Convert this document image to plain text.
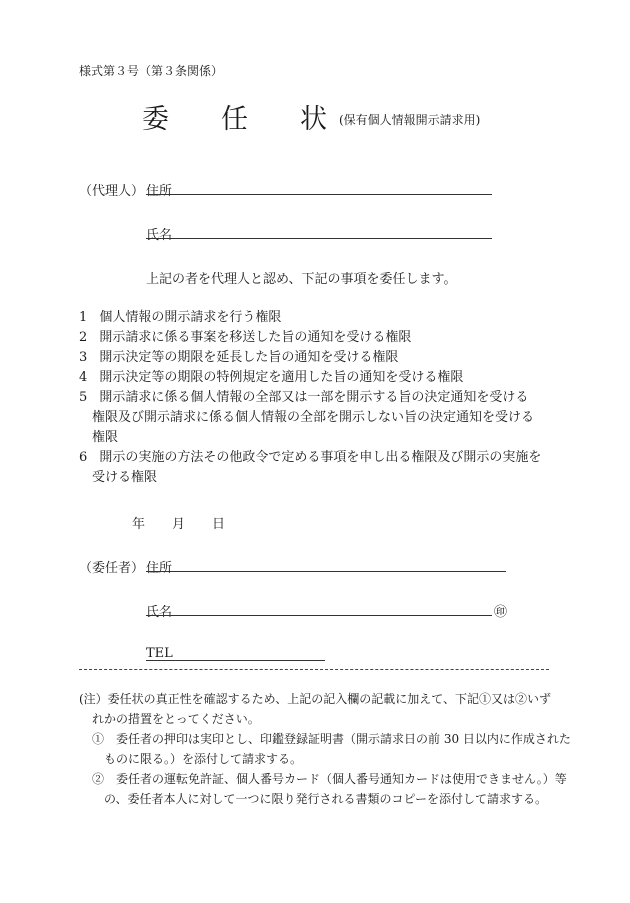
様式第３号（第３条関係）
委 任 状 (保有個人情報開示請求用)
（代理人） 住所
氏名
上記の者を代理人と認め、下記の事項を委任します。
1 個人情報の開示請求を行う権限
2 開示請求に係る事案を移送した旨の通知を受ける権限
3 開示決定等の期限を延長した旨の通知を受ける権限
4 開示決定等の期限の特例規定を適用した旨の通知を受ける権限
5 開示請求に係る個人情報の全部又は一部を開示する旨の決定通知を受ける
権限及び開示請求に係る個人情報の全部を開示しない旨の決定通知を受ける
権限
6 開示の実施の方法その他政令で定める事項を申し出る権限及び開示の実施を
受ける権限
年 月 日
（委任者） 住所
氏名	㊞
TEL
(注）委任状の真正性を確認するため、上記の記入欄の記載に加えて、下記①又は②いず
れかの措置をとってください。
①　委任者の押印は実印とし、印鑑登録証明書（開示請求日の前 30 日以内に作成された
ものに限る。）を添付して請求する。
②　委任者の運転免許証、個人番号カード（個人番号通知カードは使用できません。）等
の、委任者本人に対して一つに限り発行される書類のコピーを添付して請求する。
